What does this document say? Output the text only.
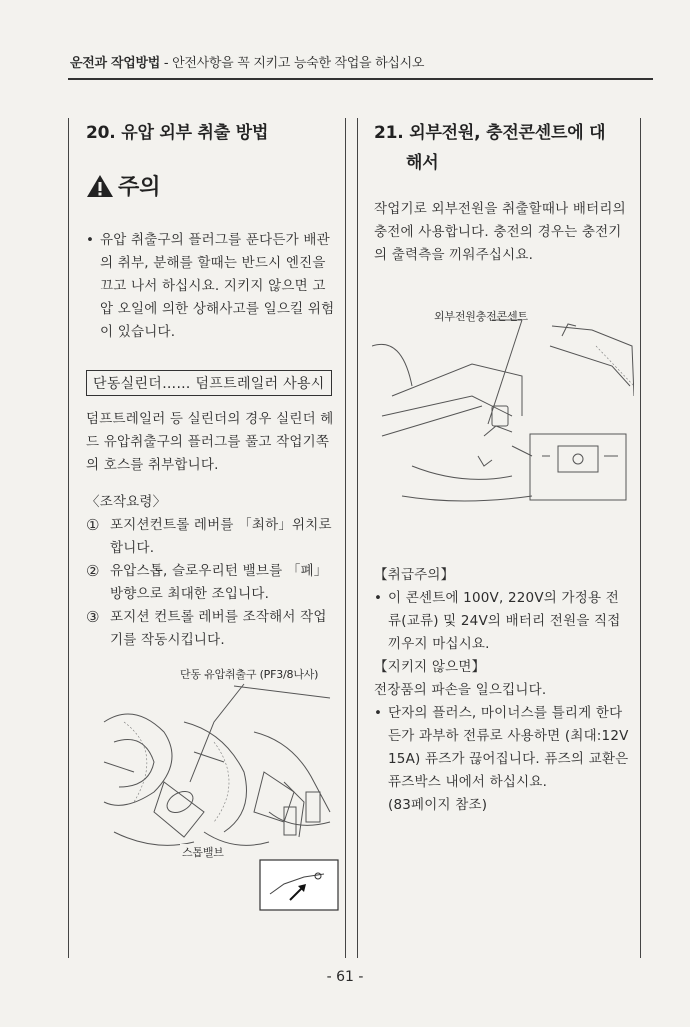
운전과 작업방법 - 안전사항을 꼭 지키고 능숙한 작업을 하십시오
20. 유압 외부 취출 방법
주의
• 유압 취출구의 플러그를 푼다든가 배관의 취부, 분해를 할때는 반드시 엔진을 끄고 나서 하십시요. 지키지 않으면 고압 오일에 의한 상해사고를 일으킬 위험이 있습니다.
단동실린더…… 덤프트레일러 사용시
덤프트레일러 등 실린더의 경우 실린더 헤드 유압취출구의 플러그를 풀고 작업기쪽의 호스를 취부합니다.
〈조작요령〉
① 포지션컨트롤 레버를 「최하」위치로 합니다.
② 유압스톱, 슬로우리턴 밸브를 「폐」 방향으로 최대한 조입니다.
③ 포지션 컨트롤 레버를 조작해서 작업기를 작동시킵니다.
단동 유압취출구 (PF3/8나사)
스톱밸브
21. 외부전원, 충전콘센트에 대
해서
작업기로 외부전원을 취출할때나 배터리의 충전에 사용합니다. 충전의 경우는 충전기의 출력측을 끼워주십시요.
외부전원충전콘센트
【취급주의】
• 이 콘센트에 100V, 220V의 가정용 전류(교류) 및 24V의 배터리 전원을 직접 끼우지 마십시요.
【지키지 않으면】
전장품의 파손을 일으킵니다.
• 단자의 플러스, 마이너스를 틀리게 한다든가 과부하 전류로 사용하면 (최대:12V 15A) 퓨즈가 끊어집니다. 퓨즈의 교환은 퓨즈박스 내에서 하십시요.
(83페이지 참조)
- 61 -
